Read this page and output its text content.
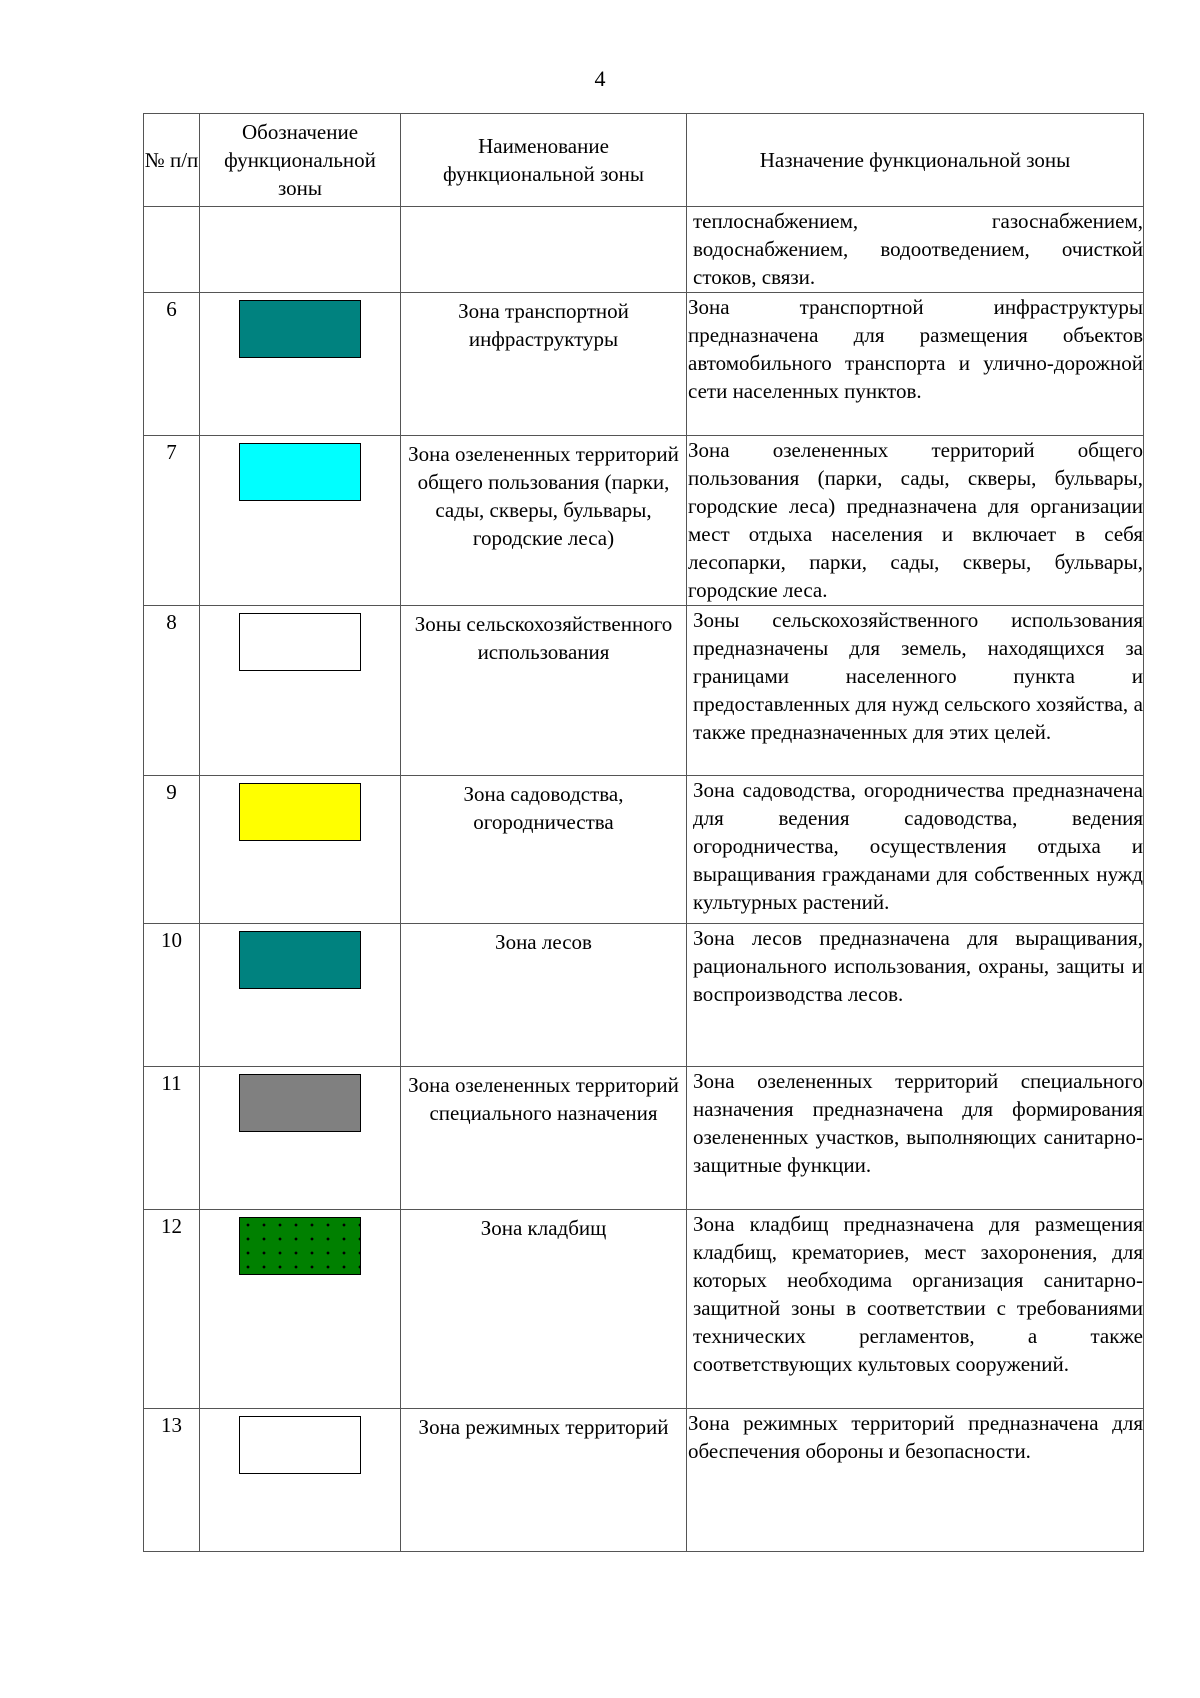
4
№ п/п	Обозначение функциональной зоны	Наименование функциональной зоны	Назначение функциональной зоны

			теплоснабжением, газоснабжением, водоснабжением, водоотведением, очисткой стоков, связи.

6		Зона транспортной инфраструктуры	Зона транспортной инфраструктуры предназначена для размещения объектов автомобильного транспорта и улично-дорожной сети населенных пунктов.

7		Зона озелененных территорий общего пользования (парки, сады, скверы, бульвары, городские леса)	Зона озелененных территорий общего пользования (парки, сады, скверы, бульвары, городские леса) предназначена для организации мест отдыха населения и включает в себя лесопарки, парки, сады, скверы, бульвары, городские леса.

8		Зоны сельскохозяйственного использования	Зоны сельскохозяйственного использования предназначены для земель, находящихся за границами населенного пункта и предоставленных для нужд сельского хозяйства, а также предназначенных для этих целей.

9		Зона садоводства, огородничества	Зона садоводства, огородничества предназначена для ведения садоводства, ведения огородничества, осуществления отдыха и выращивания гражданами для собственных нужд культурных растений.

10		Зона лесов	Зона лесов предназначена для выращивания, рационального использования, охраны, защиты и воспроизводства лесов.

11		Зона озелененных территорий специального назначения	Зона озелененных территорий специального назначения предназначена для формирования озелененных участков, выполняющих санитарно-защитные функции.

12		Зона кладбищ	Зона кладбищ предназначена для размещения кладбищ, крематориев, мест захоронения, для которых необходима организация санитарно-защитной зоны в соответствии с требованиями технических регламентов, а также соответствующих культовых сооружений.

13		Зона режимных территорий	Зона режимных территорий предназначена для обеспечения обороны и безопасности.
